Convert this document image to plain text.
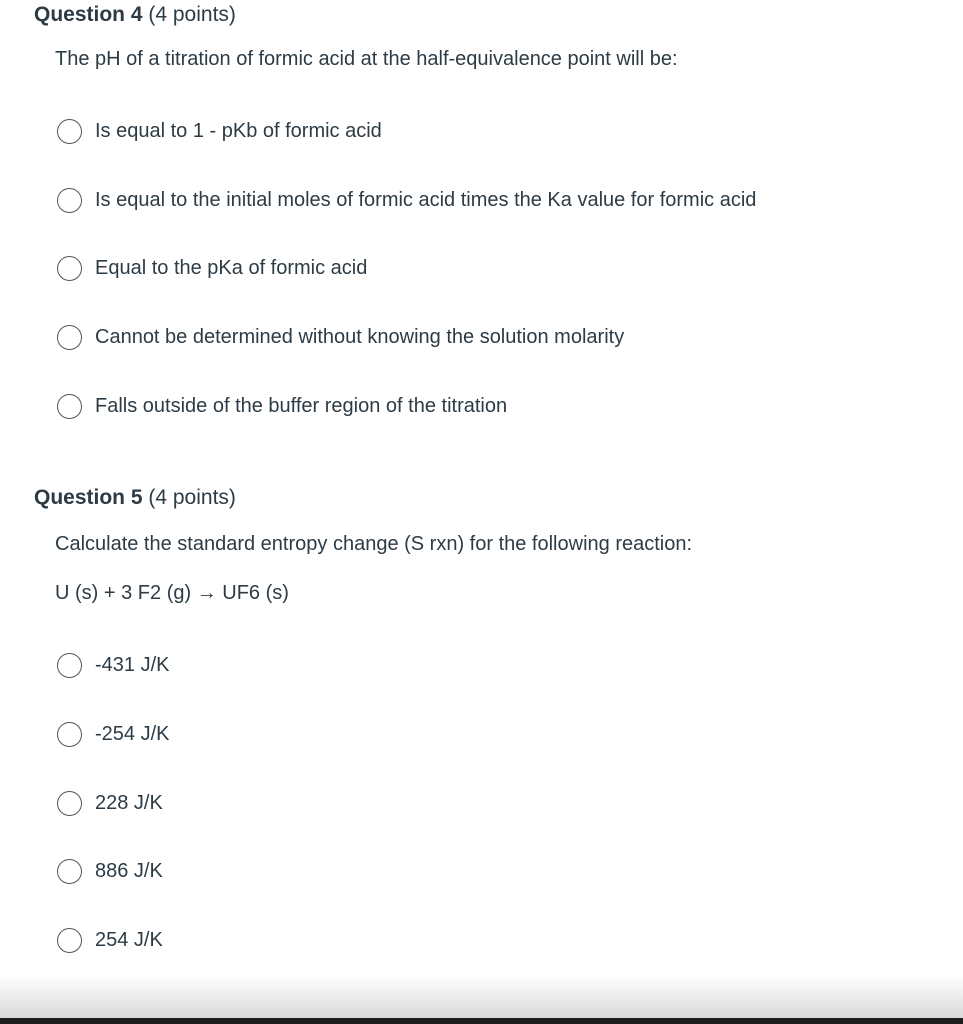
Question 4 (4 points)
The pH of a titration of formic acid at the half-equivalence point will be:
Is equal to 1 - pKb of formic acid
Is equal to the initial moles of formic acid times the Ka value for formic acid
Equal to the pKa of formic acid
Cannot be determined without knowing the solution molarity
Falls outside of the buffer region of the titration
Question 5 (4 points)
Calculate the standard entropy change (S rxn) for the following reaction:
U (s) + 3 F2 (g) → UF6 (s)
-431 J/K
-254 J/K
228 J/K
886 J/K
254 J/K
